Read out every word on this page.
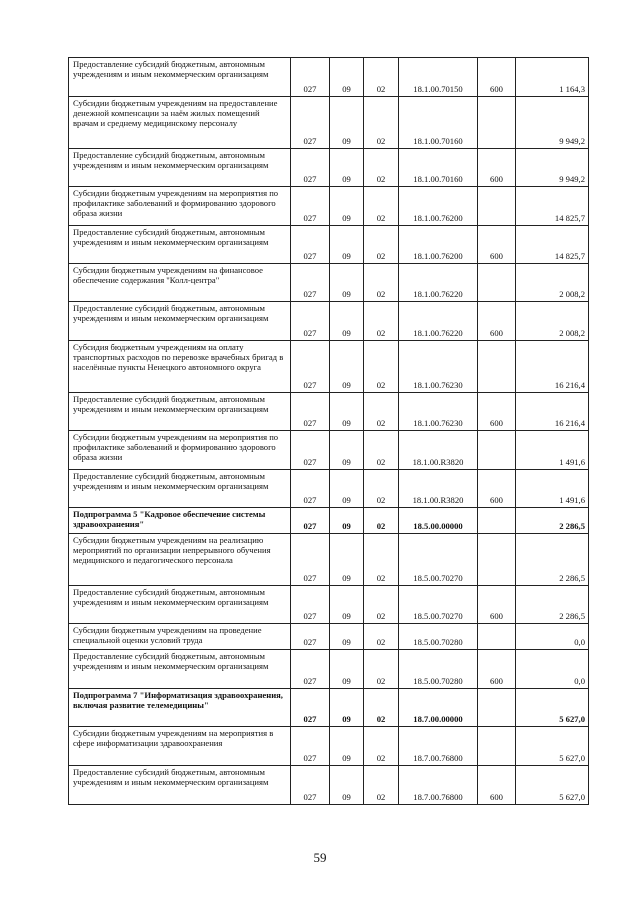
Предоставление субсидий бюджетным, автономным учреждениям и иным некоммерческим организациям	027	09	02	18.1.00.70150	600	1 164,3
Субсидии бюджетным учреждениям на предоставление денежной компенсации за наём жилых помещений врачам и среднему медицинскому персоналу	027	09	02	18.1.00.70160		9 949,2
Предоставление субсидий бюджетным, автономным учреждениям и иным некоммерческим организациям	027	09	02	18.1.00.70160	600	9 949,2
Субсидии бюджетным учреждениям на мероприятия по профилактике заболеваний и формированию здорового образа жизни	027	09	02	18.1.00.76200		14 825,7
Предоставление субсидий бюджетным, автономным учреждениям и иным некоммерческим организациям	027	09	02	18.1.00.76200	600	14 825,7
Субсидии бюджетным учреждениям на финансовое обеспечение содержания "Колл-центра"	027	09	02	18.1.00.76220		2 008,2
Предоставление субсидий бюджетным, автономным учреждениям и иным некоммерческим организациям	027	09	02	18.1.00.76220	600	2 008,2
Субсидия бюджетным учреждениям на оплату транспортных расходов по перевозке врачебных бригад в населённые пункты Ненецкого автономного округа	027	09	02	18.1.00.76230		16 216,4
Предоставление субсидий бюджетным, автономным учреждениям и иным некоммерческим организациям	027	09	02	18.1.00.76230	600	16 216,4
Субсидии бюджетным учреждениям на мероприятия по профилактике заболеваний и формированию здорового образа жизни	027	09	02	18.1.00.R3820		1 491,6
Предоставление субсидий бюджетным, автономным учреждениям и иным некоммерческим организациям	027	09	02	18.1.00.R3820	600	1 491,6
Подпрограмма 5 "Кадровое обеспечение системы здравоохранения"	027	09	02	18.5.00.00000		2 286,5
Субсидии бюджетным учреждениям на реализацию мероприятий по организации непрерывного обучения медицинского и педагогического персонала	027	09	02	18.5.00.70270		2 286,5
Предоставление субсидий бюджетным, автономным учреждениям и иным некоммерческим организациям	027	09	02	18.5.00.70270	600	2 286,5
Субсидии бюджетным учреждениям на проведение специальной оценки условий труда	027	09	02	18.5.00.70280		0,0
Предоставление субсидий бюджетным, автономным учреждениям и иным некоммерческим организациям	027	09	02	18.5.00.70280	600	0,0
Подпрограмма 7 "Информатизация здравоохранения, включая развитие телемедицины"	027	09	02	18.7.00.00000		5 627,0
Субсидии бюджетным учреждениям на мероприятия в сфере информатизации здравоохранения	027	09	02	18.7.00.76800		5 627,0
Предоставление субсидий бюджетным, автономным учреждениям и иным некоммерческим организациям	027	09	02	18.7.00.76800	600	5 627,0
59
